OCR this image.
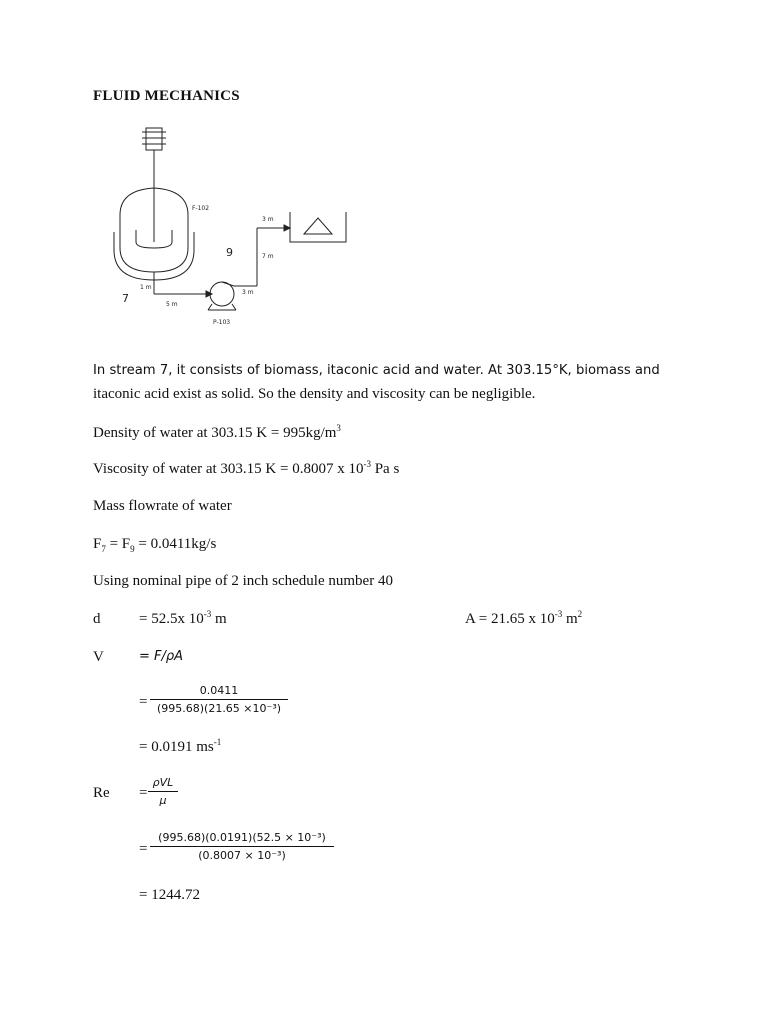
FLUID MECHANICS
F-102
1 m
5 m
7
P-103
3 m
7 m
3 m
9
In stream 7, it consists of biomass, itaconic acid and water. At 303.15°K, biomass and
itaconic acid exist as solid. So the density and viscosity can be negligible.
Density of water at 303.15 $K = 995kg/m^3$
Viscosity of water at 303.15 K = 0.8007 x $10^{-3}$ Pa s
Mass flowrate of water
$F_7 = F_9 = 0.0411kg/s$
Using nominal pipe of 2 inch schedule number 40
d	= 52.5x $10^{-3}$ m	A = 21.65 x $10^{-3}$ $m^2$
V	= F/ρA
=
0.0411
(995.68)(21.65 ×10⁻³)
= 0.0191 $ms^{-1}$
Re =
ρVL
μ
=
(995.68)(0.0191)(52.5 × 10⁻³)
(0.8007 × 10⁻³)
= 1244.72
